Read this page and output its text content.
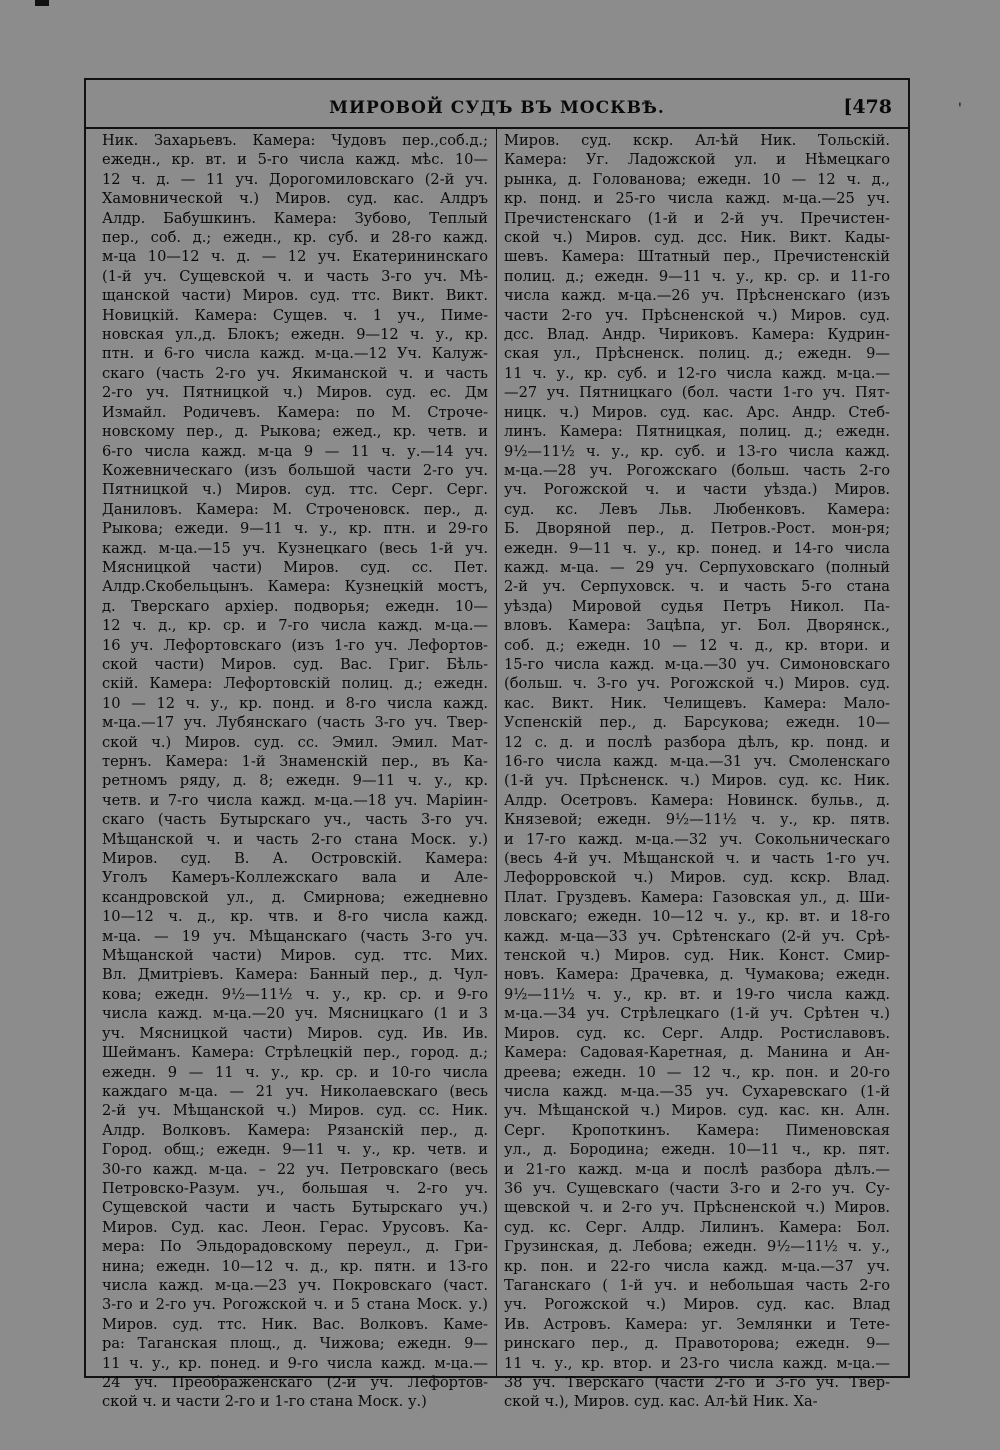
'
МИРОВОЙ СУДЪ ВЪ МОСКВѢ.	[478
Ник. Захарьевъ. Камера: Чудовъ пер.,соб.д.;
ежедн., кр. вт. и 5-го числа кажд. мѣс. 10—
12 ч. д. — 11 уч. Дорогомиловскаго (2-й уч.
Хамовнической ч.) Миров. суд. кас. Алдръ
Алдр. Бабушкинъ. Камера: Зубово, Теплый
пер., соб. д.; ежедн., кр. суб. и 28-го кажд.
м-ца 10—12 ч. д. — 12 уч. Екатерининскаго
(1-й уч. Сущевской ч. и часть 3-го уч. Мѣ-
щанской части) Миров. суд. ттс. Викт. Викт.
Новицкій. Камера: Сущев. ч. 1 уч., Пиме-
новская ул.,д. Блокъ; ежедн. 9—12 ч. у., кр.
птн. и 6-го числа кажд. м-ца.—12 Уч. Калуж-
скаго (часть 2-го уч. Якиманской ч. и часть
2-го уч. Пятницкой ч.) Миров. суд. ес. Дм
Измайл. Родичевъ. Камера: по М. Строче-
новскому пер., д. Рыкова; ежед., кр. четв. и
6-го числа кажд. м-ца 9 — 11 ч. у.—14 уч.
Кожевническаго (изъ большой части 2-го уч.
Пятницкой ч.) Миров. суд. ттс. Серг. Серг.
Даниловъ. Камера: М. Строченовск. пер., д.
Рыкова; ежеди. 9—11 ч. у., кр. птн. и 29-го
кажд. м-ца.—15 уч. Кузнецкаго (весь 1-й уч.
Мясницкой части) Миров. суд. сс. Пет.
Алдр.Скобельцынъ. Камера: Кузнецкій мостъ,
д. Тверскаго архіер. подворья; ежедн. 10—
12 ч. д., кр. ср. и 7-го числа кажд. м-ца.—
16 уч. Лефортовскаго (изъ 1-го уч. Лефортов-
ской части) Миров. суд. Вас. Григ. Бѣль-
скій. Камера: Лефортовскій полиц. д.; ежедн.
10 — 12 ч. у., кр. понд. и 8-го числа кажд.
м-ца.—17 уч. Лубянскаго (часть 3-го уч. Твер-
ской ч.) Миров. суд. сс. Эмил. Эмил. Мат-
тернъ. Камера: 1-й Знаменскій пер., въ Ка-
ретномъ ряду, д. 8; ежедн. 9—11 ч. у., кр.
четв. и 7-го числа кажд. м-ца.—18 уч. Маріин-
скаго (часть Бутырскаго уч., часть 3-го уч.
Мѣщанской ч. и часть 2-го стана Моск. у.)
Миров. суд. В. А. Островскій. Камера:
Уголъ Камеръ-Коллежскаго вала и Але-
ксандровской ул., д. Смирнова; ежедневно
10—12 ч. д., кр. чтв. и 8-го числа кажд.
м-ца. — 19 уч. Мѣщанскаго (часть 3-го уч.
Мѣщанской части) Миров. суд. ттс. Мих.
Вл. Дмитріевъ. Камера: Банный пер., д. Чул-
кова; ежедн. 9½—11½ ч. у., кр. ср. и 9-го
числа кажд. м-ца.—20 уч. Мясницкаго (1 и 3
уч. Мясницкой части) Миров. суд. Ив. Ив.
Шейманъ. Камера: Стрѣлецкій пер., город. д.;
ежедн. 9 — 11 ч. у., кр. ср. и 10-го числа
каждаго м-ца. — 21 уч. Николаевскаго (весь
2-й уч. Мѣщанской ч.) Миров. суд. сс. Ник.
Алдр. Волковъ. Камера: Рязанскій пер., д.
Город. общ.; ежедн. 9—11 ч. у., кр. четв. и
30-го кажд. м-ца. – 22 уч. Петровскаго (весь
Петровско-Разум. уч., большая ч. 2-го уч.
Сущевской части и часть Бутырскаго уч.)
Миров. Суд. кас. Леон. Герас. Урусовъ. Ка-
мера: По Эльдорадовскому переул., д. Гри-
нина; ежедн. 10—12 ч. д., кр. пятн. и 13-го
числа кажд. м-ца.—23 уч. Покровскаго (част.
3-го и 2-го уч. Рогожской ч. и 5 стана Моск. у.)
Миров. суд. ттс. Ник. Вас. Волковъ. Каме-
ра: Таганская площ., д. Чижова; ежедн. 9—
11 ч. у., кр. понед. и 9-го числа кажд. м-ца.—
24 уч. Преображенскаго (2-й уч. Лефортов-
ской ч. и части 2-го и 1-го стана Моск. у.)
Миров. суд. кскр. Ал-ѣй Ник. Тольскій.
Камера: Уг. Ладожской ул. и Нѣмецкаго
рынка, д. Голованова; ежедн. 10 — 12 ч. д.,
кр. понд. и 25-го числа кажд. м-ца.—25 уч.
Пречистенскаго (1-й и 2-й уч. Пречистен-
ской ч.) Миров. суд. дсс. Ник. Викт. Кады-
шевъ. Камера: Штатный пер., Пречистенскій
полиц. д.; ежедн. 9—11 ч. у., кр. ср. и 11-го
числа кажд. м-ца.—26 уч. Прѣсненскаго (изъ
части 2-го уч. Прѣсненской ч.) Миров. суд.
дсс. Влад. Андр. Чириковъ. Камера: Кудрин-
ская ул., Прѣсненск. полиц. д.; ежедн. 9—
11 ч. у., кр. суб. и 12-го числа кажд. м-ца.—
—27 уч. Пятницкаго (бол. части 1-го уч. Пят-
ницк. ч.) Миров. суд. кас. Арс. Андр. Стеб-
линъ. Камера: Пятницкая, полиц. д.; ежедн.
9½—11½ ч. у., кр. суб. и 13-го числа кажд.
м-ца.—28 уч. Рогожскаго (больш. часть 2-го
уч. Рогожской ч. и части уѣзда.) Миров.
суд. кс. Левъ Льв. Любенковъ. Камера:
Б. Дворяной пер., д. Петров.-Рост. мон-ря;
ежедн. 9—11 ч. у., кр. понед. и 14-го числа
кажд. м-ца. — 29 уч. Серпуховскаго (полный
2-й уч. Серпуховск. ч. и часть 5-го стана
уѣзда) Мировой судья Петръ Никол. Па-
вловъ. Камера: Зацѣпа, уг. Бол. Дворянск.,
соб. д.; ежедн. 10 — 12 ч. д., кр. втори. и
15-го числа кажд. м-ца.—30 уч. Симоновскаго
(больш. ч. 3-го уч. Рогожской ч.) Миров. суд.
кас. Викт. Ник. Челищевъ. Камера: Мало-
Успенскій пер., д. Барсукова; ежедн. 10—
12 с. д. и послѣ разбора дѣлъ, кр. понд. и
16-го числа кажд. м-ца.—31 уч. Смоленскаго
(1-й уч. Прѣсненск. ч.) Миров. суд. кс. Ник.
Алдр. Осетровъ. Камера: Новинск. бульв., д.
Князевой; ежедн. 9½—11½ ч. у., кр. пятв.
и 17-го кажд. м-ца.—32 уч. Сокольническаго
(весь 4-й уч. Мѣщанской ч. и часть 1-го уч.
Лефорровской ч.) Миров. суд. кскр. Влад.
Плат. Груздевъ. Камера: Газовская ул., д. Ши-
ловскаго; ежедн. 10—12 ч. у., кр. вт. и 18-го
кажд. м-ца—33 уч. Срѣтенскаго (2-й уч. Срѣ-
тенской ч.) Миров. суд. Ник. Конст. Смир-
новъ. Камера: Драчевка, д. Чумакова; ежедн.
9½—11½ ч. у., кр. вт. и 19-го числа кажд.
м-ца.—34 уч. Стрѣлецкаго (1-й уч. Срѣтен ч.)
Миров. суд. кс. Серг. Алдр. Ростиславовъ.
Камера: Садовая-Каретная, д. Манина и Ан-
дреева; ежедн. 10 — 12 ч., кр. пон. и 20-го
числа кажд. м-ца.—35 уч. Сухаревскаго (1-й
уч. Мѣщанской ч.) Миров. суд. кас. кн. Алн.
Серг. Кропоткинъ. Камера: Пименовская
ул., д. Бородина; ежедн. 10—11 ч., кр. пят.
и 21-го кажд. м-ца и послѣ разбора дѣлъ.—
36 уч. Сущевскаго (части 3-го и 2-го уч. Су-
щевской ч. и 2-го уч. Прѣсненской ч.) Миров.
суд. кс. Серг. Алдр. Лилинъ. Камера: Бол.
Грузинская, д. Лебова; ежедн. 9½—11½ ч. у.,
кр. пон. и 22-го числа кажд. м-ца.—37 уч.
Таганскаго ( 1-й уч. и небольшая часть 2-го
уч. Рогожской ч.) Миров. суд. кас. Влад
Ив. Астровъ. Камера: уг. Землянки и Тете-
ринскаго пер., д. Правоторова; ежедн. 9—
11 ч. у., кр. втор. и 23-го числа кажд. м-ца.—
38 уч. Тверскаго (части 2-го и 3-го уч. Твер-
ской ч.), Миров. суд. кас. Ал-ѣй Ник. Ха-
